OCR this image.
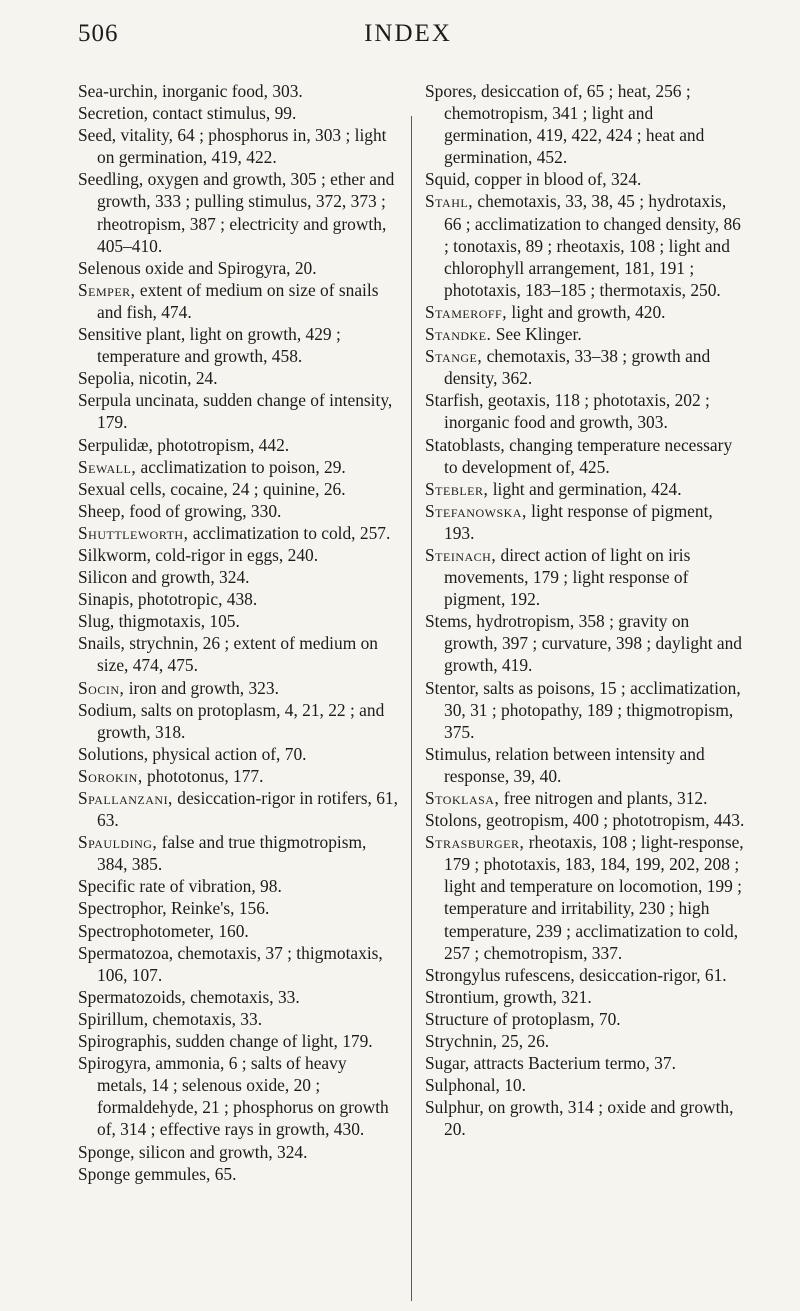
506	INDEX

Sea-urchin, inorganic food, 303.

Secretion, contact stimulus, 99.

Seed, vitality, 64 ; phosphorus in, 303 ; light on germination, 419, 422.

Seedling, oxygen and growth, 305 ; ether and growth, 333 ; pulling stimulus, 372, 373 ; rheotropism, 387 ; electricity and growth, 405–410.

Selenous oxide and Spirogyra, 20.

Semper, extent of medium on size of snails and fish, 474.

Sensitive plant, light on growth, 429 ; temperature and growth, 458.

Sepolia, nicotin, 24.

Serpula uncinata, sudden change of intensity, 179.

Serpulidæ, phototropism, 442.

Sewall, acclimatization to poison, 29.

Sexual cells, cocaine, 24 ; quinine, 26.

Sheep, food of growing, 330.

Shuttleworth, acclimatization to cold, 257.

Silkworm, cold-rigor in eggs, 240.

Silicon and growth, 324.

Sinapis, phototropic, 438.

Slug, thigmotaxis, 105.

Snails, strychnin, 26 ; extent of medium on size, 474, 475.

Socin, iron and growth, 323.

Sodium, salts on protoplasm, 4, 21, 22 ; and growth, 318.

Solutions, physical action of, 70.

Sorokin, phototonus, 177.

Spallanzani, desiccation-rigor in rotifers, 61, 63.

Spaulding, false and true thigmotropism, 384, 385.

Specific rate of vibration, 98.

Spectrophor, Reinke's, 156.

Spectrophotometer, 160.

Spermatozoa, chemotaxis, 37 ; thigmotaxis, 106, 107.

Spermatozoids, chemotaxis, 33.

Spirillum, chemotaxis, 33.

Spirographis, sudden change of light, 179.

Spirogyra, ammonia, 6 ; salts of heavy metals, 14 ; selenous oxide, 20 ; formaldehyde, 21 ; phosphorus on growth of, 314 ; effective rays in growth, 430.

Sponge, silicon and growth, 324.

Sponge gemmules, 65.

Spores, desiccation of, 65 ; heat, 256 ; chemotropism, 341 ; light and germination, 419, 422, 424 ; heat and germination, 452.

Squid, copper in blood of, 324.

Stahl, chemotaxis, 33, 38, 45 ; hydrotaxis, 66 ; acclimatization to changed density, 86 ; tonotaxis, 89 ; rheotaxis, 108 ; light and chlorophyll arrangement, 181, 191 ; phototaxis, 183–185 ; thermotaxis, 250.

Stameroff, light and growth, 420.

Standke. See Klinger.

Stange, chemotaxis, 33–38 ; growth and density, 362.

Starfish, geotaxis, 118 ; phototaxis, 202 ; inorganic food and growth, 303.

Statoblasts, changing temperature necessary to development of, 425.

Stebler, light and germination, 424.

Stefanowska, light response of pigment, 193.

Steinach, direct action of light on iris movements, 179 ; light response of pigment, 192.

Stems, hydrotropism, 358 ; gravity on growth, 397 ; curvature, 398 ; daylight and growth, 419.

Stentor, salts as poisons, 15 ; acclimatization, 30, 31 ; photopathy, 189 ; thigmotropism, 375.

Stimulus, relation between intensity and response, 39, 40.

Stoklasa, free nitrogen and plants, 312.

Stolons, geotropism, 400 ; phototropism, 443.

Strasburger, rheotaxis, 108 ; light-response, 179 ; phototaxis, 183, 184, 199, 202, 208 ; light and temperature on locomotion, 199 ; temperature and irritability, 230 ; high temperature, 239 ; acclimatization to cold, 257 ; chemotropism, 337.

Strongylus rufescens, desiccation-rigor, 61.

Strontium, growth, 321.

Structure of protoplasm, 70.

Strychnin, 25, 26.

Sugar, attracts Bacterium termo, 37.

Sulphonal, 10.

Sulphur, on growth, 314 ; oxide and growth, 20.
